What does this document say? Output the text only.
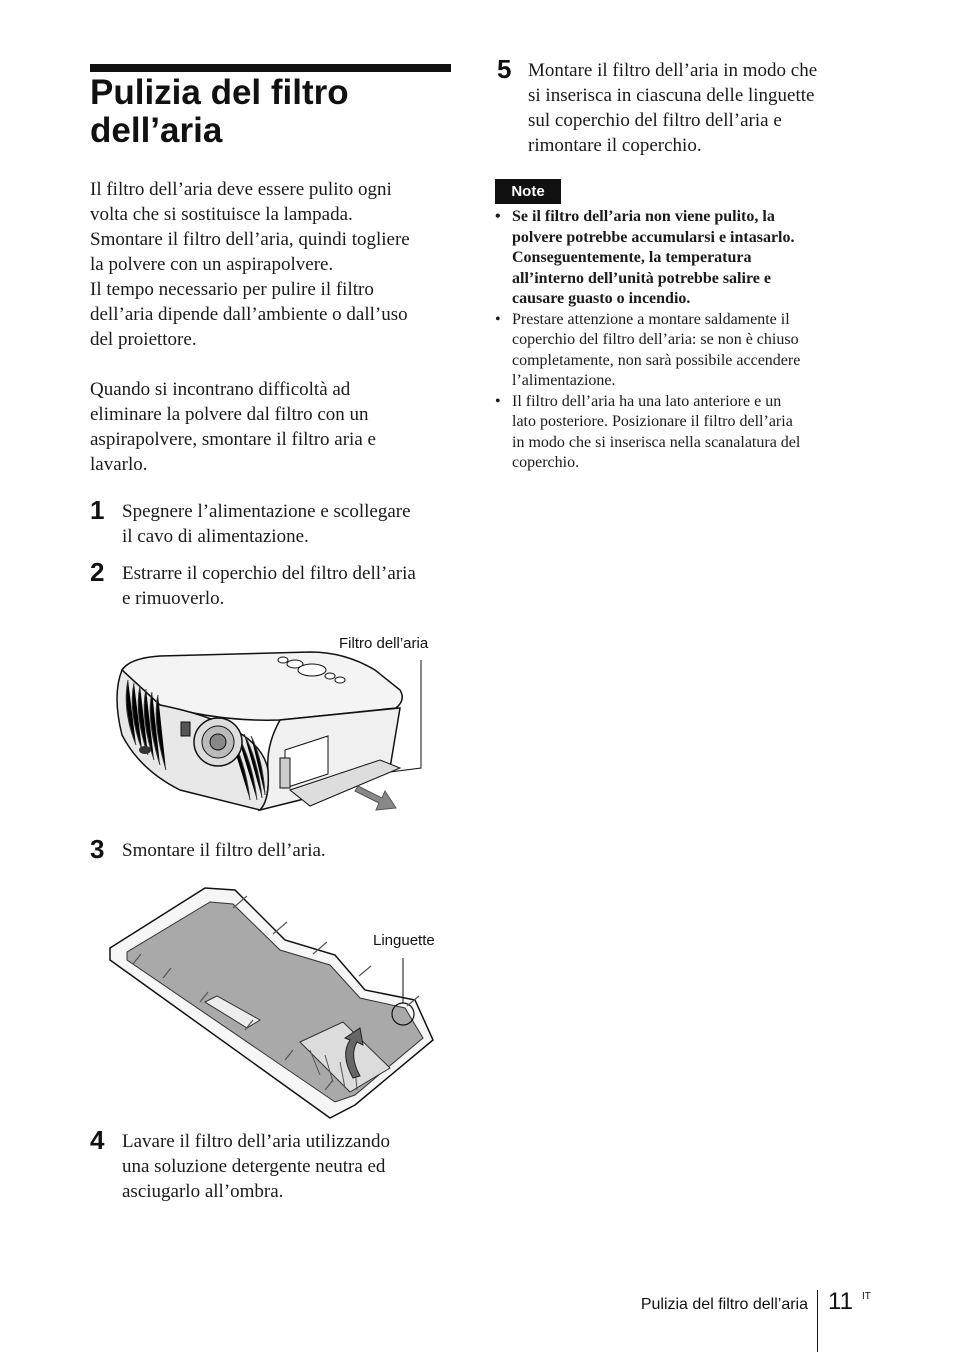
Pulizia del filtro
dell’aria

Il filtro dell’aria deve essere pulito ogni
volta che si sostituisce la lampada.
Smontare il filtro dell’aria, quindi togliere
la polvere con un aspirapolvere.
Il tempo necessario per pulire il filtro
dell’aria dipende dall’ambiente o dall’uso
del proiettore.

Quando si incontrano difficoltà ad
eliminare la polvere dal filtro con un
aspirapolvere, smontare il filtro aria e
lavarlo.

1 Spegnere l’alimentazione e scollegare
il cavo di alimentazione.

2 Estrarre il coperchio del filtro dell’aria
e rimuoverlo.

Filtro dell’aria
3 Smontare il filtro dell’aria.

Linguette
4 Lavare il filtro dell’aria utilizzando
una soluzione detergente neutra ed
asciugarlo all’ombra.

5 Montare il filtro dell’aria in modo che
si inserisca in ciascuna delle linguette
sul coperchio del filtro dell’aria e
rimontare il coperchio.

Note
• Se il filtro dell’aria non viene pulito, la
polvere potrebbe accumularsi e intasarlo.
Conseguentemente, la temperatura
all’interno dell’unità potrebbe salire e
causare guasto o incendio.
• Prestare attenzione a montare saldamente il
coperchio del filtro dell’aria: se non è chiuso
completamente, non sarà possibile accendere
l’alimentazione.
• Il filtro dell’aria ha una lato anteriore e un
lato posteriore. Posizionare il filtro dell’aria
in modo che si inserisca nella scanalatura del
coperchio.
Pulizia del filtro dell’aria 11 IT
